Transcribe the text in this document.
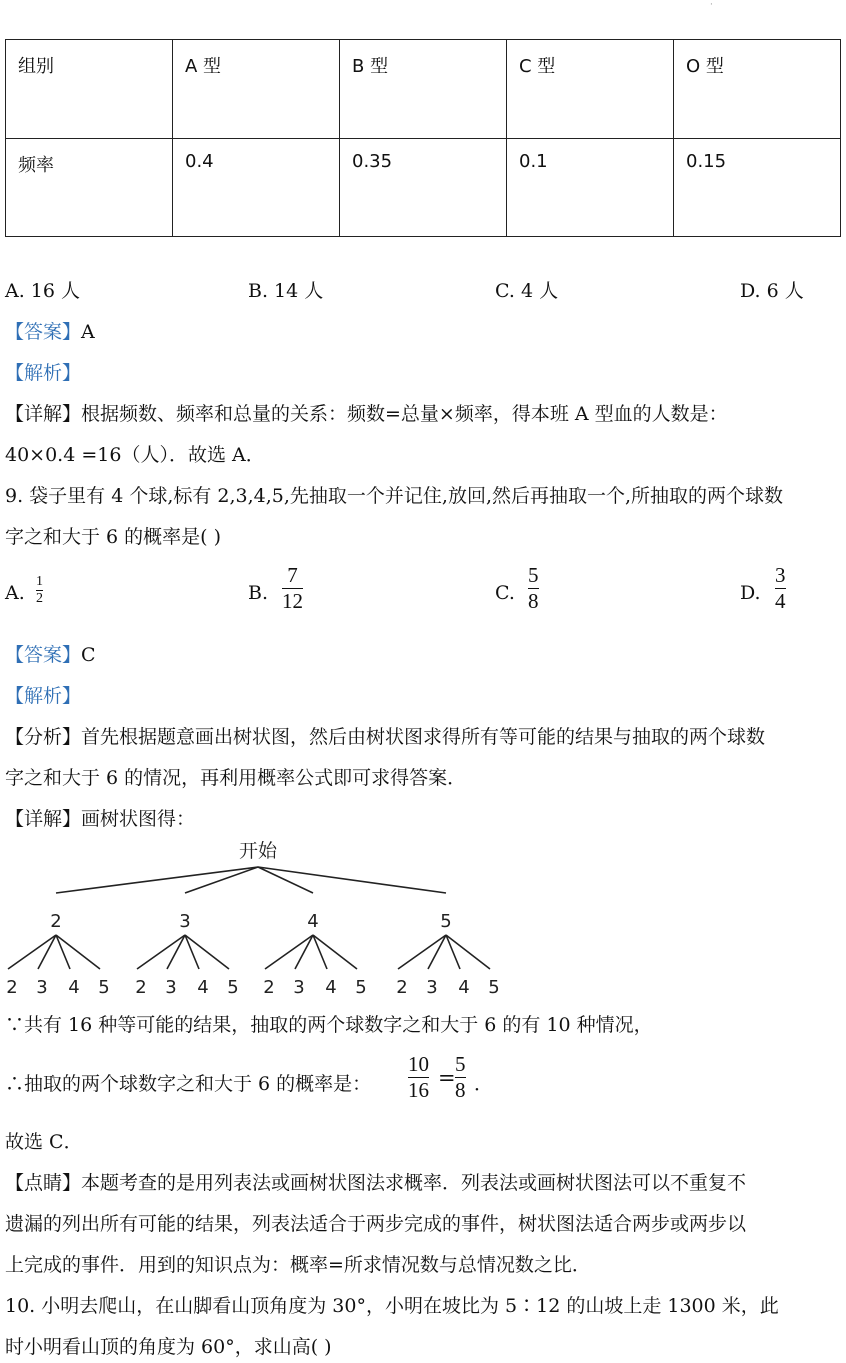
·
组别	A 型	B 型	C 型	O 型
频率	0.4	0.35	0.1	0.15
A. 16 人	B. 14 人	C. 4 人	D. 6 人
【答案】A
【解析】
【详解】根据频数、频率和总量的关系：频数=总量×频率，得本班 A 型血的人数是：
40×0.4 =16（人）．故选 A．
9. 袋子里有 4 个球,标有 2,3,4,5,先抽取一个并记住,放回,然后再抽取一个,所抽取的两个球数
字之和大于 6 的概率是( )
A.
1
2	B.
7
12	C.
5
8	D.
3
4
【答案】C
【解析】
【分析】首先根据题意画出树状图，然后由树状图求得所有等可能的结果与抽取的两个球数
字之和大于 6 的情况，再利用概率公式即可求得答案．
【详解】画树状图得：
开始
2
2 3 4 5
3
2 3 4 5
4
2 3 4 5
5
2 3 4 5
∵共有 16 种等可能的结果，抽取的两个球数字之和大于 6 的有 10 种情况，
∴抽取的两个球数字之和大于 6 的概率是：
10
16 =
5
8 ．
故选 C．
【点睛】本题考查的是用列表法或画树状图法求概率．列表法或画树状图法可以不重复不
遗漏的列出所有可能的结果，列表法适合于两步完成的事件，树状图法适合两步或两步以
上完成的事件．用到的知识点为：概率=所求情况数与总情况数之比．
10. 小明去爬山，在山脚看山顶角度为 30°，小明在坡比为 5∶12 的山坡上走 1300 米，此
时小明看山顶的角度为 60°，求山高( )
